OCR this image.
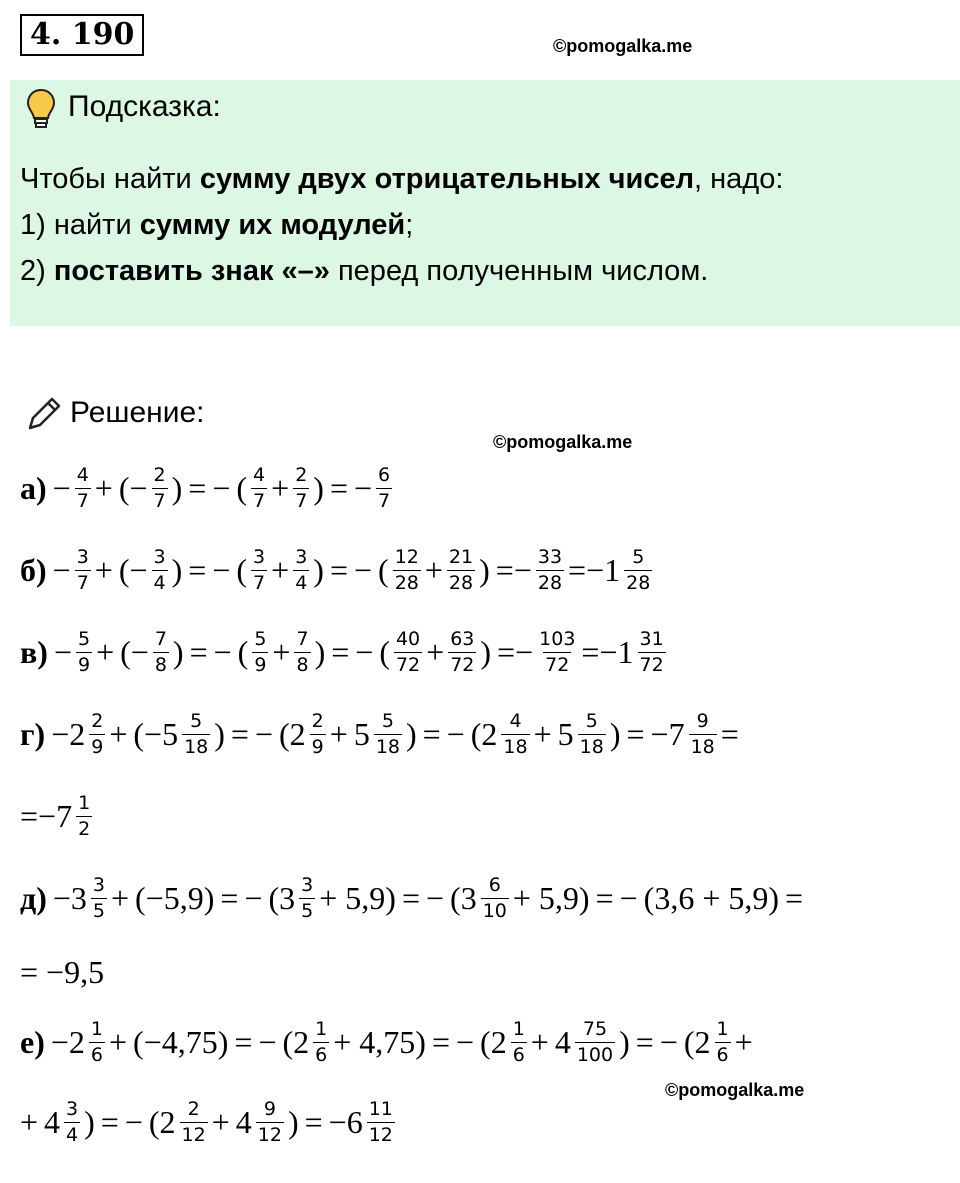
4. 190	©pomogalka.me
Подсказка:
Чтобы найти сумму двух отрицательных чисел, надо:
1) найти сумму их модулей;
2) поставить знак «–» перед полученным числом.
Решение:
©pomogalka.me
$а) - \frac{4}{7}$ + ( − $\frac{2}{7}$ ) = − ( $\frac{4}{7} + \frac{2}{7}$ ) = − $\frac{6}{7}$
$б) - \frac{3}{7}$ + ( − $\frac{3}{4}$ ) = − ( $\frac{3}{7} + \frac{3}{4}$ ) = − ( $\frac{12}{28} + \frac{21}{28}$ ) = − $\frac{33}{28} = -1 \frac{5}{28}$
$в) - \frac{5}{9}$ + ( − $\frac{7}{8}$ ) = − ( $\frac{5}{9} + \frac{7}{8}$ ) = − ( $\frac{40}{72} + \frac{63}{72}$ ) = − $\frac{103}{72} = -1 \frac{31}{72}$
$г) -2 \frac{2}{9}$ + ( $-5 \frac{5}{18}$ ) = − ( $2 \frac{2}{9} + 5 \frac{5}{18}$ ) = − ( $2 \frac{4}{18} + 5 \frac{5}{18}$ ) = $-7 \frac{9}{18}$ =
= $-7 \frac{1}{2}$
$д) -3 \frac{3}{5}$ + ( −5,9 ) = − ( $3 \frac{3}{5} + 5,9$ ) = − ( $3 \frac{6}{10} + 5,9$ ) = − (3,6 + 5,9) =
= −9,5
$е) -2 \frac{1}{6}$ + ( −4,75 ) = − ( $2 \frac{1}{6} + 4,75$ ) = − ( $2 \frac{1}{6} + 4 \frac{75}{100}$ ) = − ( $2 \frac{1}{6}$ +
©pomogalka.me
+ $4 \frac{3}{4}$ ) = − ( $2 \frac{2}{12} + 4 \frac{9}{12}$ ) = $-6 \frac{11}{12}$
